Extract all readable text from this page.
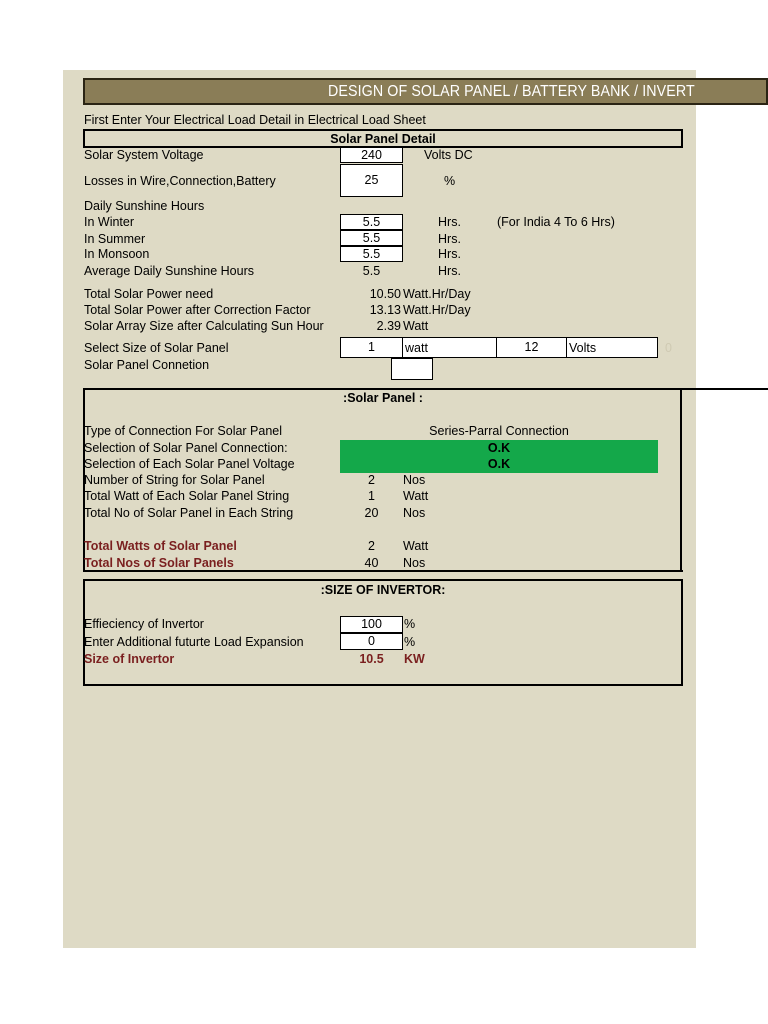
DESIGN OF SOLAR PANEL / BATTERY BANK / INVERT
First Enter Your Electrical Load Detail in Electrical Load Sheet
Solar Panel Detail
Solar System Voltage	240	Volts DC
Losses in Wire,Connection,Battery	25	%
Daily Sunshine Hours
In Winter	5.5	Hrs.	(For India 4 To 6 Hrs)
In Summer	5.5	Hrs.
In Monsoon	5.5	Hrs.
Average Daily Sunshine Hours	5.5	Hrs.
Total Solar Power need	10.50 Watt.Hr/Day
Total Solar Power after Correction Factor	13.13 Watt.Hr/Day
Solar Array Size after Calculating Sun Hour	2.39 Watt
Select Size of Solar Panel	1	watt	12	Volts	0
Solar Panel Connetion
:Solar Panel :
Type of Connection For Solar Panel	Series-Parral Connection
Selection of Solar Panel Connection:	O.K
Selection of Each Solar Panel Voltage	O.K
Number of String for Solar Panel	2	Nos
Total Watt of Each Solar Panel String	1	Watt
Total No of Solar Panel in Each String	20	Nos
Total Watts of Solar Panel	2	Watt
Total Nos of Solar Panels	40	Nos
:SIZE OF INVERTOR:
Effieciency of Invertor	100	%
Enter Additional futurte Load Expansion	0	%
Size of Invertor	10.5	KW
